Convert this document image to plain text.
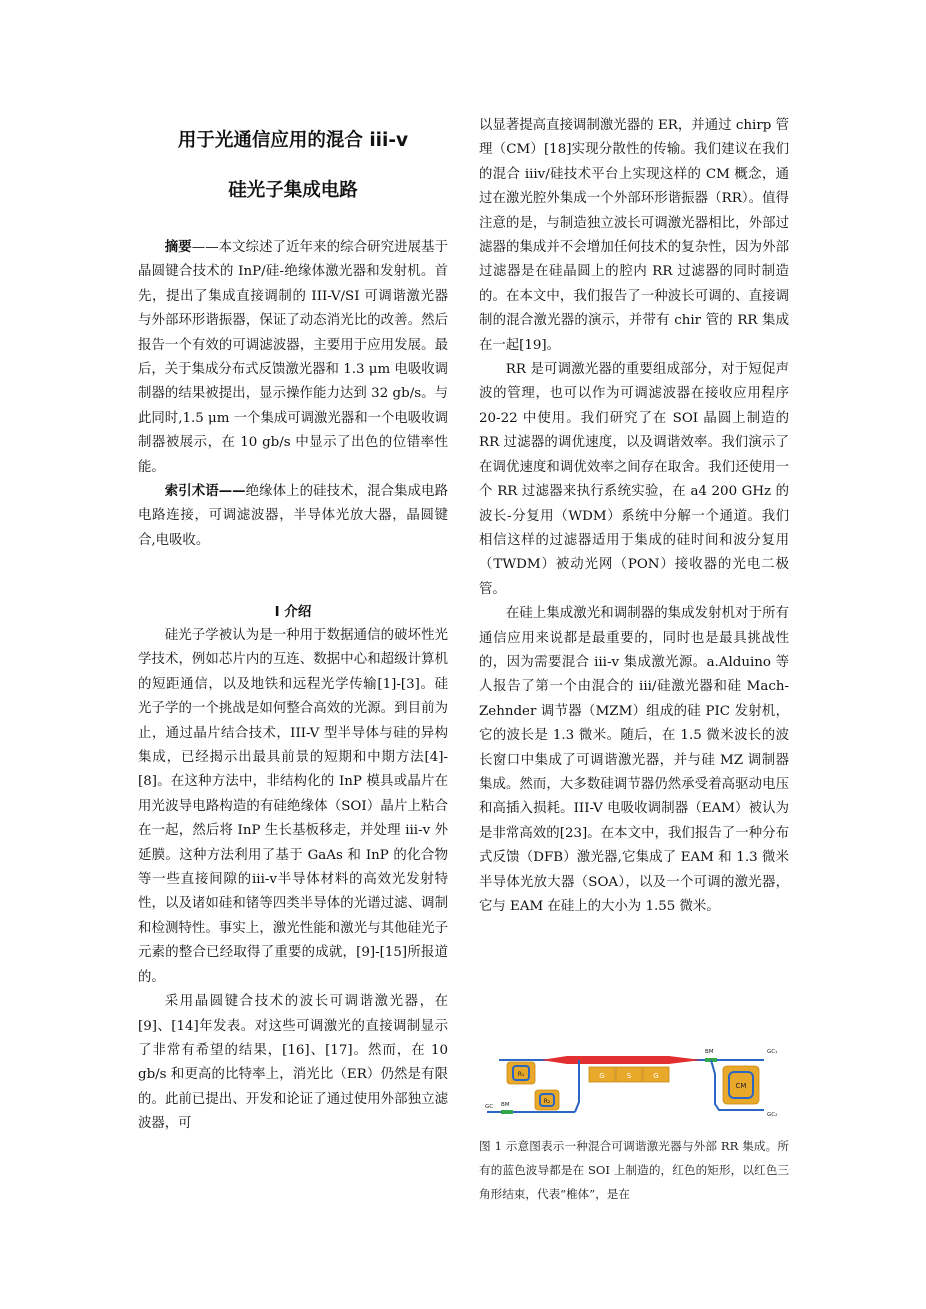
用于光通信应用的混合 iii-v
硅光子集成电路

摘要——本文综述了近年来的综合研究进展基于晶圆键合技术的 InP/硅-绝缘体激光器和发射机。首先，提出了集成直接调制的 III-V/SI 可调谐激光器与外部环形谐振器，保证了动态消光比的改善。然后报告一个有效的可调滤波器，主要用于应用发展。最后，关于集成分布式反馈激光器和 1.3 μm 电吸收调制器的结果被提出，显示操作能力达到 32 gb/s。与此同时,1.5 μm 一个集成可调激光器和一个电吸收调制器被展示，在 10 gb/s 中显示了出色的位错率性能。

索引术语——绝缘体上的硅技术，混合集成电路电路连接，可调滤波器，半导体光放大器，晶圆键合,电吸收。

I 介绍

硅光子学被认为是一种用于数据通信的破坏性光学技术，例如芯片内的互连、数据中心和超级计算机的短距通信，以及地铁和远程光学传输[1]-[3]。硅光子学的一个挑战是如何整合高效的光源。到目前为止，通过晶片结合技术，III-V 型半导体与硅的异构集成，已经揭示出最具前景的短期和中期方法[4]-[8]。在这种方法中，非结构化的 InP 模具或晶片在用光波导电路构造的有硅绝缘体（SOI）晶片上粘合在一起，然后将 InP 生长基板移走，并处理 iii-v 外延膜。这种方法利用了基于 GaAs 和 InP 的化合物等一些直接间隙的iii-v半导体材料的高效光发射特性，以及诸如硅和锗等四类半导体的光谱过滤、调制和检测特性。事实上，激光性能和激光与其他硅光子元素的整合已经取得了重要的成就，[9]-[15]所报道的。

采用晶圆键合技术的波长可调谐激光器，在[9]、[14]年发表。对这些可调激光的直接调制显示了非常有希望的结果，[16]、[17]。然而，在 10 gb/s 和更高的比特率上，消光比（ER）仍然是有限的。此前已提出、开发和论证了通过使用外部独立滤波器，可

以显著提高直接调制激光器的 ER，并通过 chirp 管理（CM）[18]实现分散性的传输。我们建议在我们的混合 iiiv/硅技术平台上实现这样的 CM 概念，通过在激光腔外集成一个外部环形谐振器（RR）。值得注意的是，与制造独立波长可调激光器相比，外部过滤器的集成并不会增加任何技术的复杂性，因为外部过滤器是在硅晶圆上的腔内 RR 过滤器的同时制造的。在本文中，我们报告了一种波长可调的、直接调制的混合激光器的演示，并带有 chir 管的 RR 集成在一起[19]。

RR 是可调激光器的重要组成部分，对于短促声波的管理，也可以作为可调滤波器在接收应用程序 20-22 中使用。我们研究了在 SOI 晶圆上制造的 RR 过滤器的调优速度，以及调谐效率。我们演示了在调优速度和调优效率之间存在取舍。我们还使用一个 RR 过滤器来执行系统实验，在 a4 200 GHz 的波长-分复用（WDM）系统中分解一个通道。我们相信这样的过滤器适用于集成的硅时间和波分复用（TWDM）被动光网（PON）接收器的光电二极管。

在硅上集成激光和调制器的集成发射机对于所有通信应用来说都是最重要的，同时也是最具挑战性的，因为需要混合 iii-v 集成激光源。a.Alduino 等人报告了第一个由混合的 iii/硅激光器和硅 Mach-Zehnder 调节器（MZM）组成的硅 PIC 发射机，它的波长是 1.3 微米。随后，在 1.5 微米波长的波长窗口中集成了可调谐激光器，并与硅 MZ 调制器集成。然而，大多数硅调节器仍然承受着高驱动电压和高插入损耗。III-V 电吸收调制器（EAM）被认为是非常高效的[23]。在本文中，我们报告了一种分布式反馈（DFB）激光器,它集成了 EAM 和 1.3 微米半导体光放大器（SOA），以及一个可调的激光器，它与 EAM 在硅上的大小为 1.55 微米。

G	S	G
R₁
R₂
GC BM
BM	GC₁
CM
GC₂

图 1 示意图表示一种混合可调谐激光器与外部 RR 集成。所有的蓝色波导都是在 SOI 上制造的，红色的矩形，以红色三角形结束，代表“椎体”，是在
